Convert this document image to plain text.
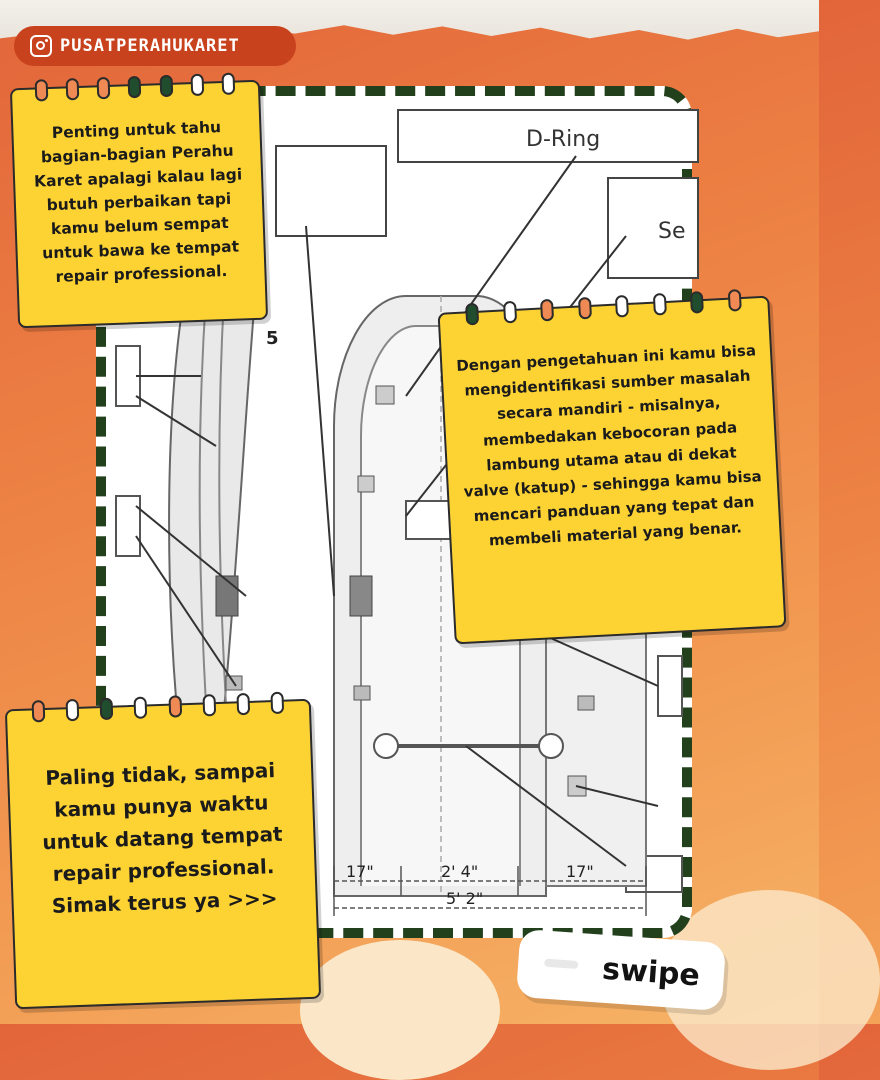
PUSATPERAHUKARET
D-Ring
Se
5
17"	2' 4"	17"
5' 2"
Penting untuk tahu bagian-bagian Perahu Karet apalagi kalau lagi butuh perbaikan tapi kamu belum sempat untuk bawa ke tempat repair professional.
Dengan pengetahuan ini kamu bisa mengidentifikasi sumber masalah secara mandiri - misalnya, membedakan kebocoran pada lambung utama atau di dekat valve (katup) - sehingga kamu bisa mencari panduan yang tepat dan membeli material yang benar.
Paling tidak, sampai kamu punya waktu untuk datang tempat repair professional. Simak terus ya >>>
swipe
